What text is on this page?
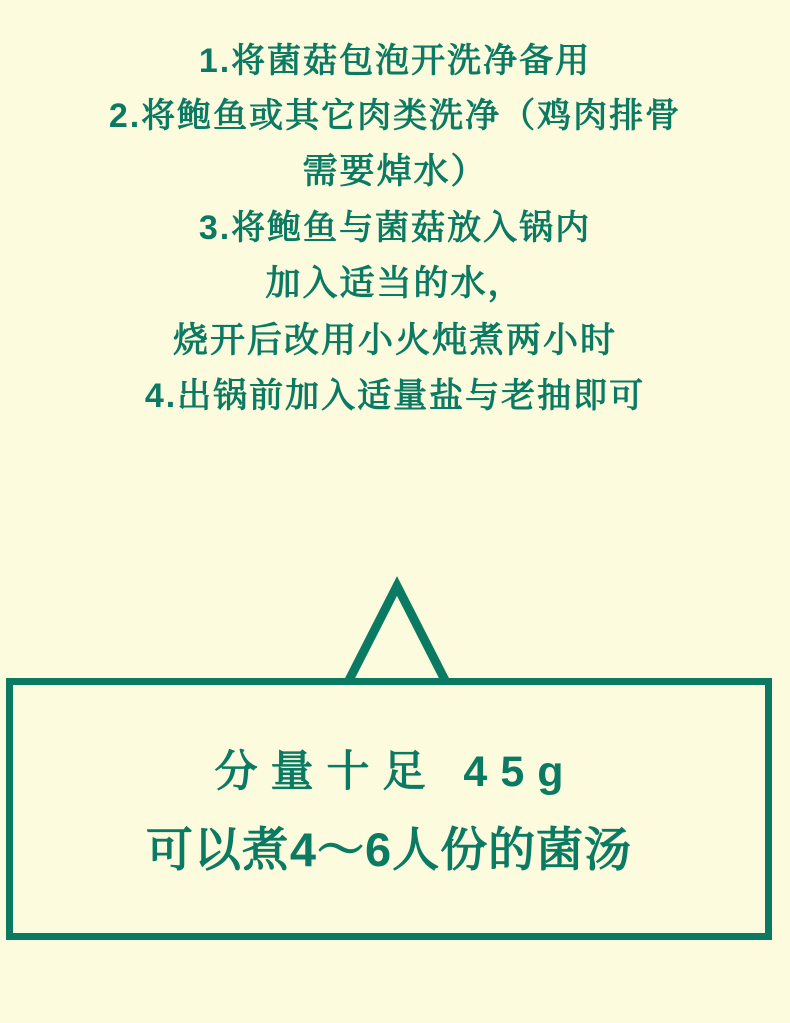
1.将菌菇包泡开洗净备用
2.将鲍鱼或其它肉类洗净（鸡肉排骨
需要焯水）
3.将鲍鱼与菌菇放入锅内
加入适当的水，
烧开后改用小火炖煮两小时
4.出锅前加入适量盐与老抽即可
分量十足 45g
可以煮4～6人份的菌汤
